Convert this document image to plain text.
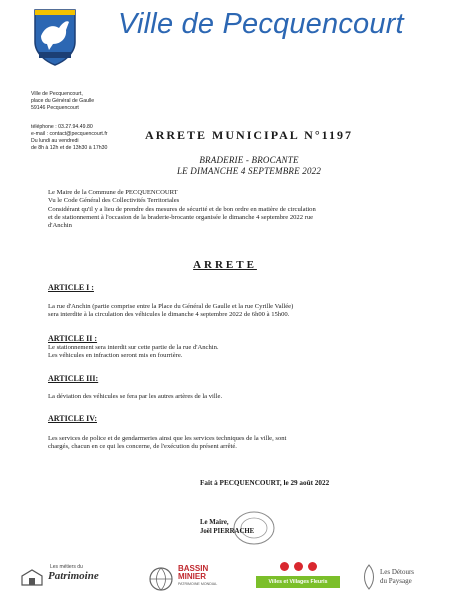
Ville de Pecquencourt
Ville de Pecquencourt,
place du Général de Gaulle
59146 Pecquencourt
téléphone : 03.27.94.49.80
e-mail : contact@pecquencourt.fr
Du lundi au vendredi
de 8h à 12h et de 13h30 à 17h30
ARRETE MUNICIPAL N°1197
BRADERIE - BROCANTE
LE DIMANCHE 4 SEPTEMBRE 2022
Le Maire de la Commune de PECQUENCOURT
Vu le Code Général des Collectivités Territoriales
Considérant qu'il y a lieu de prendre des mesures de sécurité et de bon ordre en matière de circulation
et de stationnement à l'occasion de la braderie-brocante organisée le dimanche 4 septembre 2022 rue
d'Anchin
ARRETE
ARTICLE I :
La rue d'Anchin (partie comprise entre la Place du Général de Gaulle et la rue Cyrille Vallée)
sera interdite à la circulation des véhicules le dimanche 4 septembre 2022 de 6h00 à 15h00.
ARTICLE II :
Le stationnement sera interdit sur cette partie de la rue d'Anchin.
Les véhicules en infraction seront mis en fourrière.
ARTICLE III:
La déviation des véhicules se fera par les autres artères de la ville.
ARTICLE IV:
Les services de police et de gendarmeries ainsi que les services techniques de la ville, sont
chargés, chacun en ce qui les concerne, de l'exécution du présent arrêté.
Fait à PECQUENCOURT, le 29 août 2022
Le Maire,
Joël PIERRACHE
Les métiers du
Patrimoine
BASSIN
MINIER
PATRIMOINE MONDIAL	Villes et Villages Fleuris
Les Détours
du Paysage
